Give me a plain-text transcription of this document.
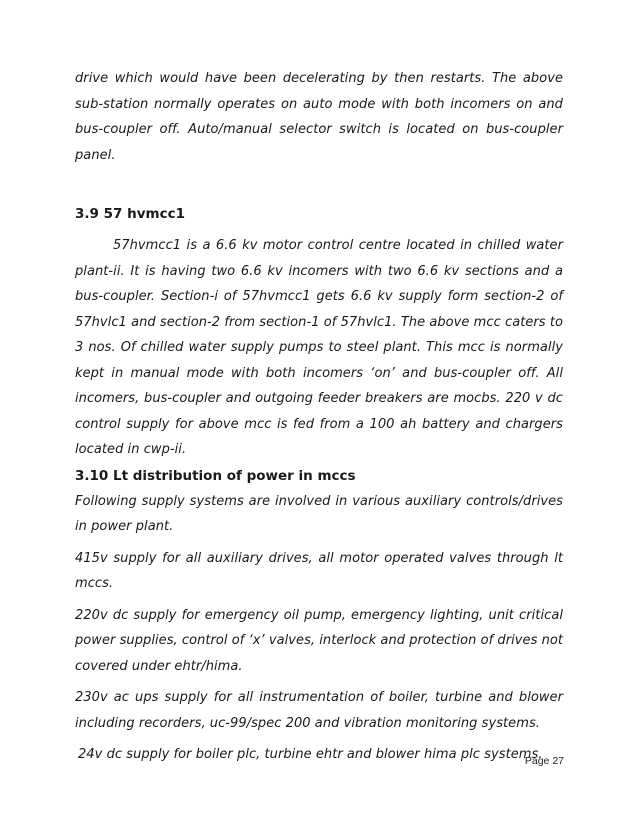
drive which would have been decelerating by then restarts. The above sub-station normally operates on auto mode with both incomers on and bus-coupler off. Auto/manual selector switch is located on bus-coupler panel.

3.9 57 hvmcc1

57hvmcc1 is a 6.6 kv motor control centre located in chilled water plant-ii. It is having two 6.6 kv incomers with two 6.6 kv sections and a bus-coupler. Section-i of 57hvmcc1 gets 6.6 kv supply form section-2 of 57hvlc1 and section-2 from section-1 of 57hvlc1. The above mcc caters to 3 nos. Of chilled water supply pumps to steel plant. This mcc is normally kept in manual mode with both incomers ‘on’ and bus-coupler off. All incomers, bus-coupler and outgoing feeder breakers are mocbs. 220 v dc control supply for above mcc is fed from a 100 ah battery and chargers located in cwp-ii.

3.10 Lt distribution of power in mccs

Following supply systems are involved in various auxiliary controls/drives in power plant.

415v supply for all auxiliary drives, all motor operated valves through lt mccs.

220v dc supply for emergency oil pump, emergency lighting, unit critical power supplies, control of ‘x’ valves, interlock and protection of drives not covered under ehtr/hima.

230v ac ups supply for all instrumentation of boiler, turbine and blower including recorders, uc-99/spec 200 and vibration monitoring systems.

24v dc supply for boiler plc, turbine ehtr and blower hima plc systems.

Page 27
